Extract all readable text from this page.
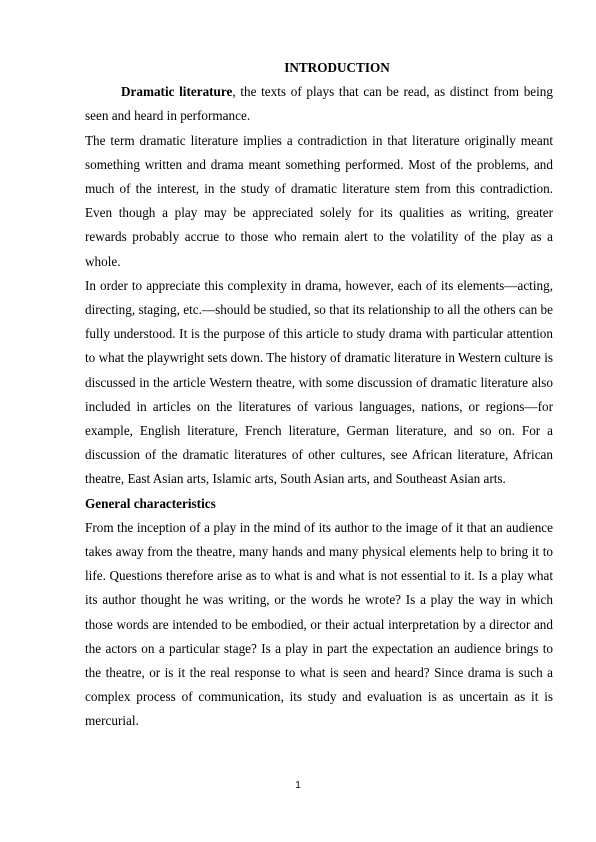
INTRODUCTION

Dramatic literature, the texts of plays that can be read, as distinct from being seen and heard in performance.

The term dramatic literature implies a contradiction in that literature originally meant something written and drama meant something performed. Most of the problems, and much of the interest, in the study of dramatic literature stem from this contradiction. Even though a play may be appreciated solely for its qualities as writing, greater rewards probably accrue to those who remain alert to the volatility of the play as a whole.

In order to appreciate this complexity in drama, however, each of its elements—acting, directing, staging, etc.—should be studied, so that its relationship to all the others can be fully understood. It is the purpose of this article to study drama with particular attention to what the playwright sets down. The history of dramatic literature in Western culture is discussed in the article Western theatre, with some discussion of dramatic literature also included in articles on the literatures of various languages, nations, or regions—for example, English literature, French literature, German literature, and so on. For a discussion of the dramatic literatures of other cultures, see African literature, African theatre, East Asian arts, Islamic arts, South Asian arts, and Southeast Asian arts.

General characteristics

From the inception of a play in the mind of its author to the image of it that an audience takes away from the theatre, many hands and many physical elements help to bring it to life. Questions therefore arise as to what is and what is not essential to it. Is a play what its author thought he was writing, or the words he wrote? Is a play the way in which those words are intended to be embodied, or their actual interpretation by a director and the actors on a particular stage? Is a play in part the expectation an audience brings to the theatre, or is it the real response to what is seen and heard? Since drama is such a complex process of communication, its study and evaluation is as uncertain as it is mercurial.

1
